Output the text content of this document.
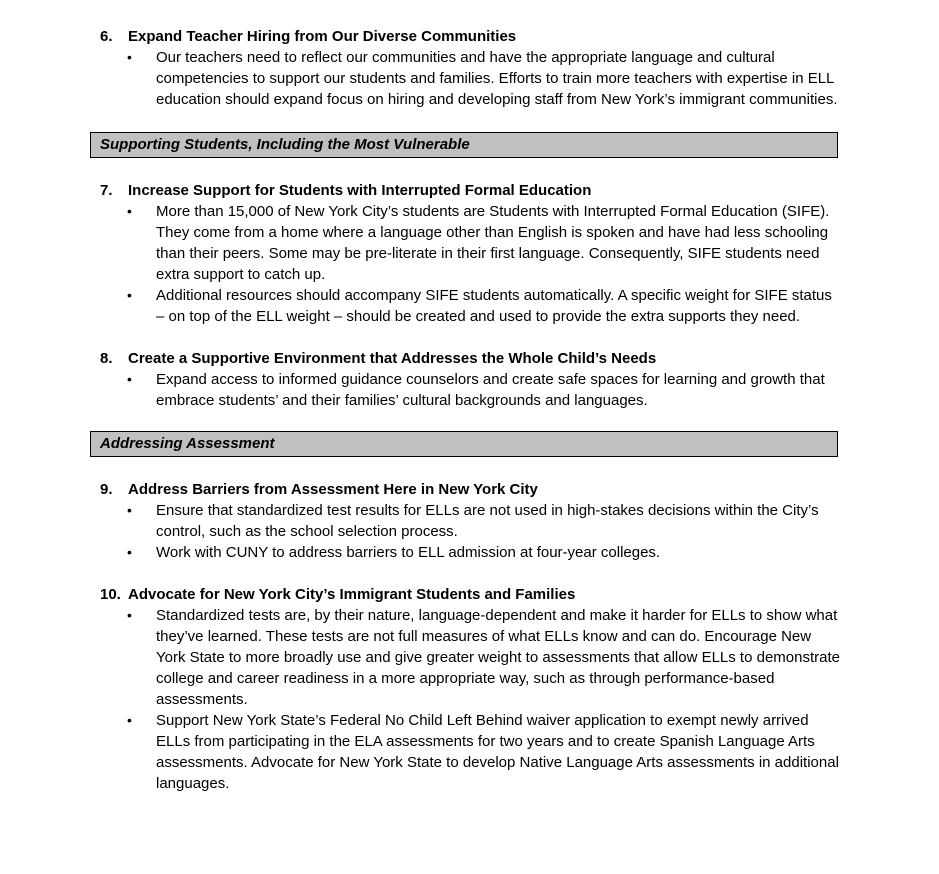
6.	Expand Teacher Hiring from Our Diverse Communities
• Our teachers need to reflect our communities and have the appropriate language and cultural competencies to support our students and families. Efforts to train more teachers with expertise in ELL education should expand focus on hiring and developing staff from New York’s immigrant communities.
Supporting Students, Including the Most Vulnerable
7.	Increase Support for Students with Interrupted Formal Education
• More than 15,000 of New York City’s students are Students with Interrupted Formal Education (SIFE). They come from a home where a language other than English is spoken and have had less schooling than their peers. Some may be pre-literate in their first language. Consequently, SIFE students need extra support to catch up.
• Additional resources should accompany SIFE students automatically. A specific weight for SIFE status – on top of the ELL weight – should be created and used to provide the extra supports they need.
8.	Create a Supportive Environment that Addresses the Whole Child’s Needs
• Expand access to informed guidance counselors and create safe spaces for learning and growth that embrace students’ and their families’ cultural backgrounds and languages.
Addressing Assessment
9.	Address Barriers from Assessment Here in New York City
• Ensure that standardized test results for ELLs are not used in high-stakes decisions within the City’s control, such as the school selection process.
• Work with CUNY to address barriers to ELL admission at four-year colleges.
10. Advocate for New York City’s Immigrant Students and Families
• Standardized tests are, by their nature, language-dependent and make it harder for ELLs to show what they’ve learned. These tests are not full measures of what ELLs know and can do. Encourage New York State to more broadly use and give greater weight to assessments that allow ELLs to demonstrate college and career readiness in a more appropriate way, such as through performance-based assessments.
• Support New York State’s Federal No Child Left Behind waiver application to exempt newly arrived ELLs from participating in the ELA assessments for two years and to create Spanish Language Arts assessments. Advocate for New York State to develop Native Language Arts assessments in additional languages.
